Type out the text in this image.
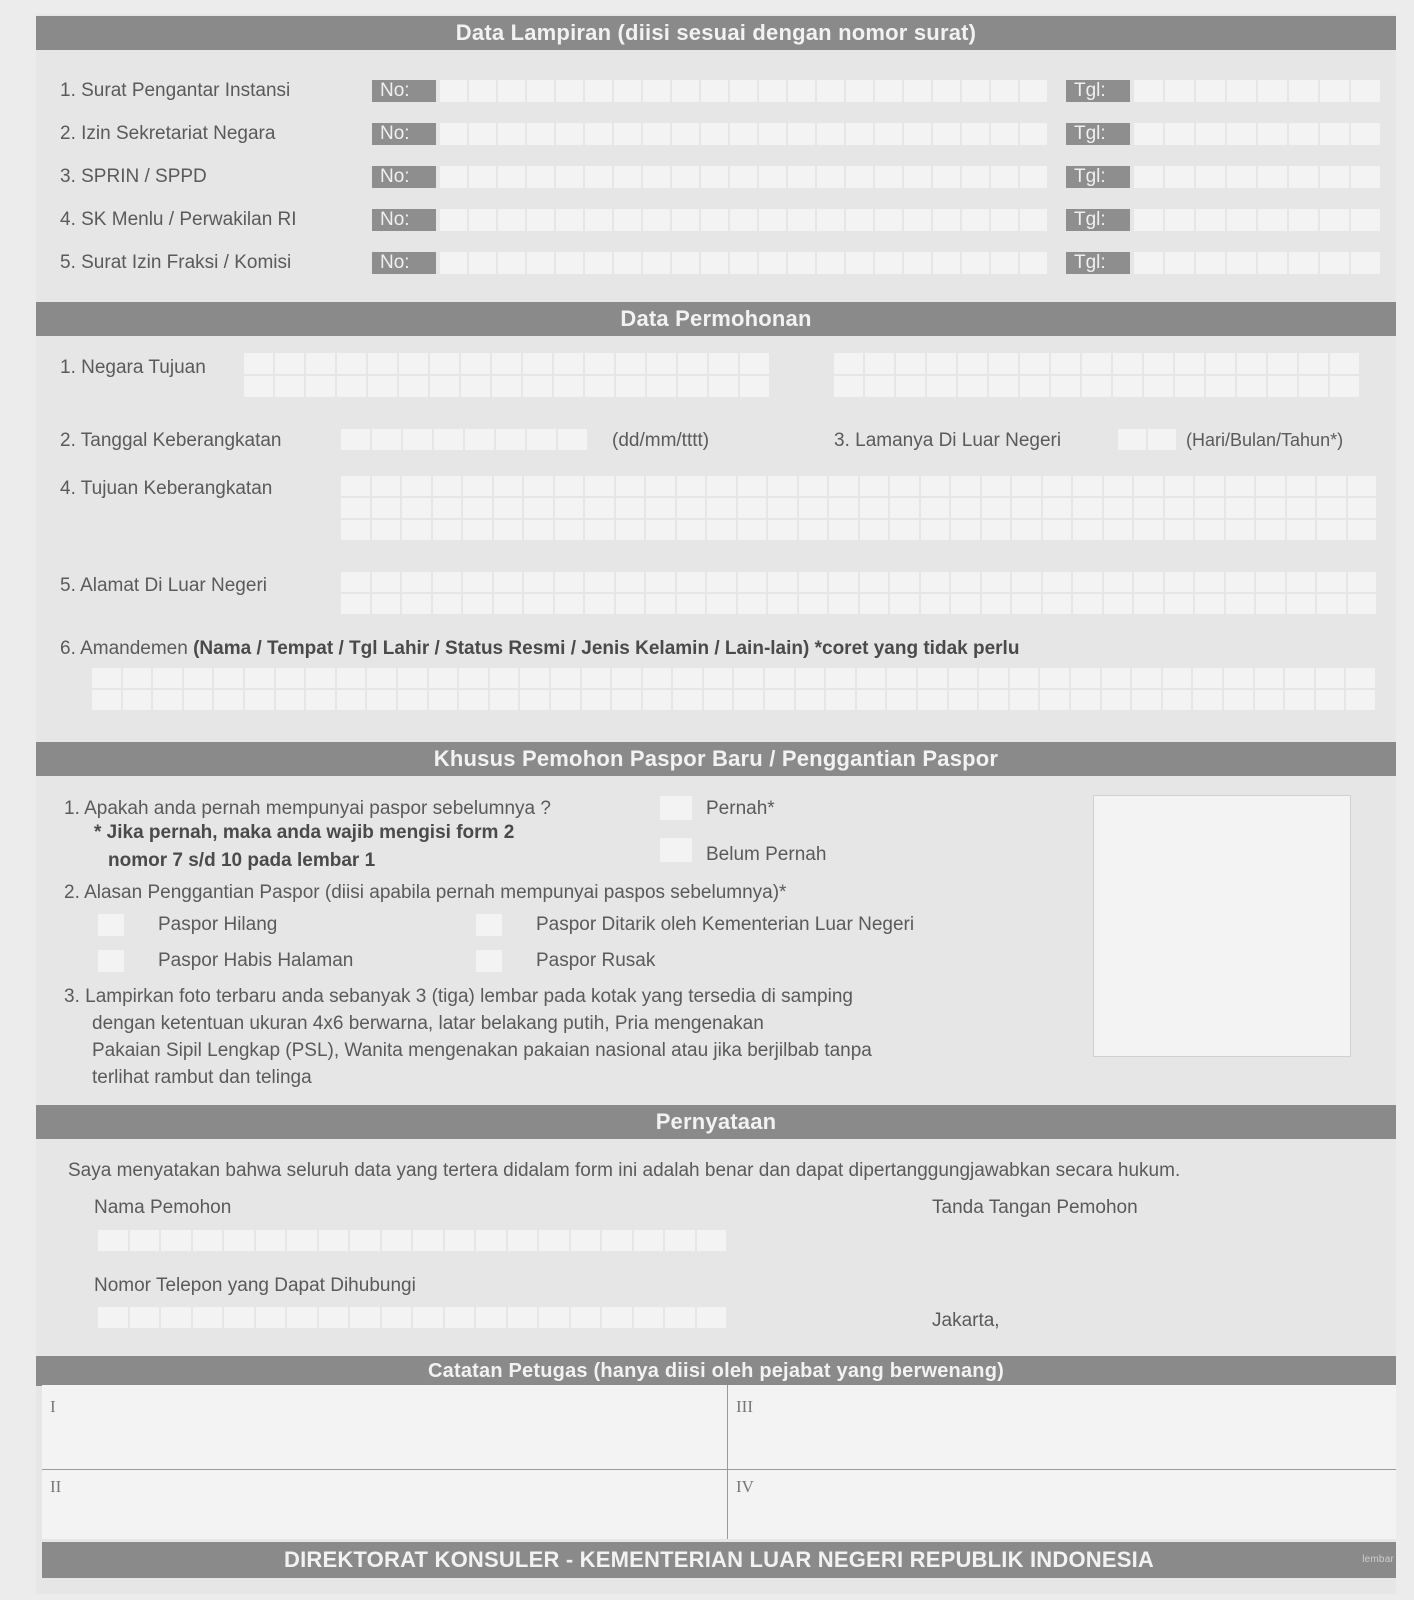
Data Lampiran (diisi sesuai dengan nomor surat)
1. Surat Pengantar Instansi	No:	Tgl:
2. Izin Sekretariat Negara	No:	Tgl:
3. SPRIN / SPPD	No:	Tgl:
4. SK Menlu / Perwakilan RI	No:	Tgl:
5. Surat Izin Fraksi / Komisi	No:	Tgl:
Data Permohonan
1. Negara Tujuan
2. Tanggal Keberangkatan	(dd/mm/tttt)	3. Lamanya Di Luar Negeri	(Hari/Bulan/Tahun*)
4. Tujuan Keberangkatan
5. Alamat Di Luar Negeri
6. Amandemen (Nama / Tempat / Tgl Lahir / Status Resmi / Jenis Kelamin / Lain-lain) *coret yang tidak perlu
Khusus Pemohon Paspor Baru / Penggantian Paspor
1. Apakah anda pernah mempunyai paspor sebelumnya ?
* Jika pernah, maka anda wajib mengisi form 2
nomor 7 s/d 10 pada lembar 1
Pernah*
Belum Pernah
2. Alasan Penggantian Paspor (diisi apabila pernah mempunyai paspos sebelumnya)*
Paspor Hilang	Paspor Ditarik oleh Kementerian Luar Negeri
Paspor Habis Halaman	Paspor Rusak
3. Lampirkan foto terbaru anda sebanyak 3 (tiga) lembar pada kotak yang tersedia di samping
dengan ketentuan ukuran 4x6 berwarna, latar belakang putih, Pria mengenakan
Pakaian Sipil Lengkap (PSL), Wanita mengenakan pakaian nasional atau jika berjilbab tanpa
terlihat rambut dan telinga
Pernyataan
Saya menyatakan bahwa seluruh data yang tertera didalam form ini adalah benar dan dapat dipertanggungjawabkan secara hukum.
Nama Pemohon	Tanda Tangan Pemohon
Nomor Telepon yang Dapat Dihubungi
Jakarta,
Catatan Petugas (hanya diisi oleh pejabat yang berwenang)
I	III
II	IV
DIREKTORAT KONSULER - KEMENTERIAN LUAR NEGERI REPUBLIK INDONESIA	lembar
